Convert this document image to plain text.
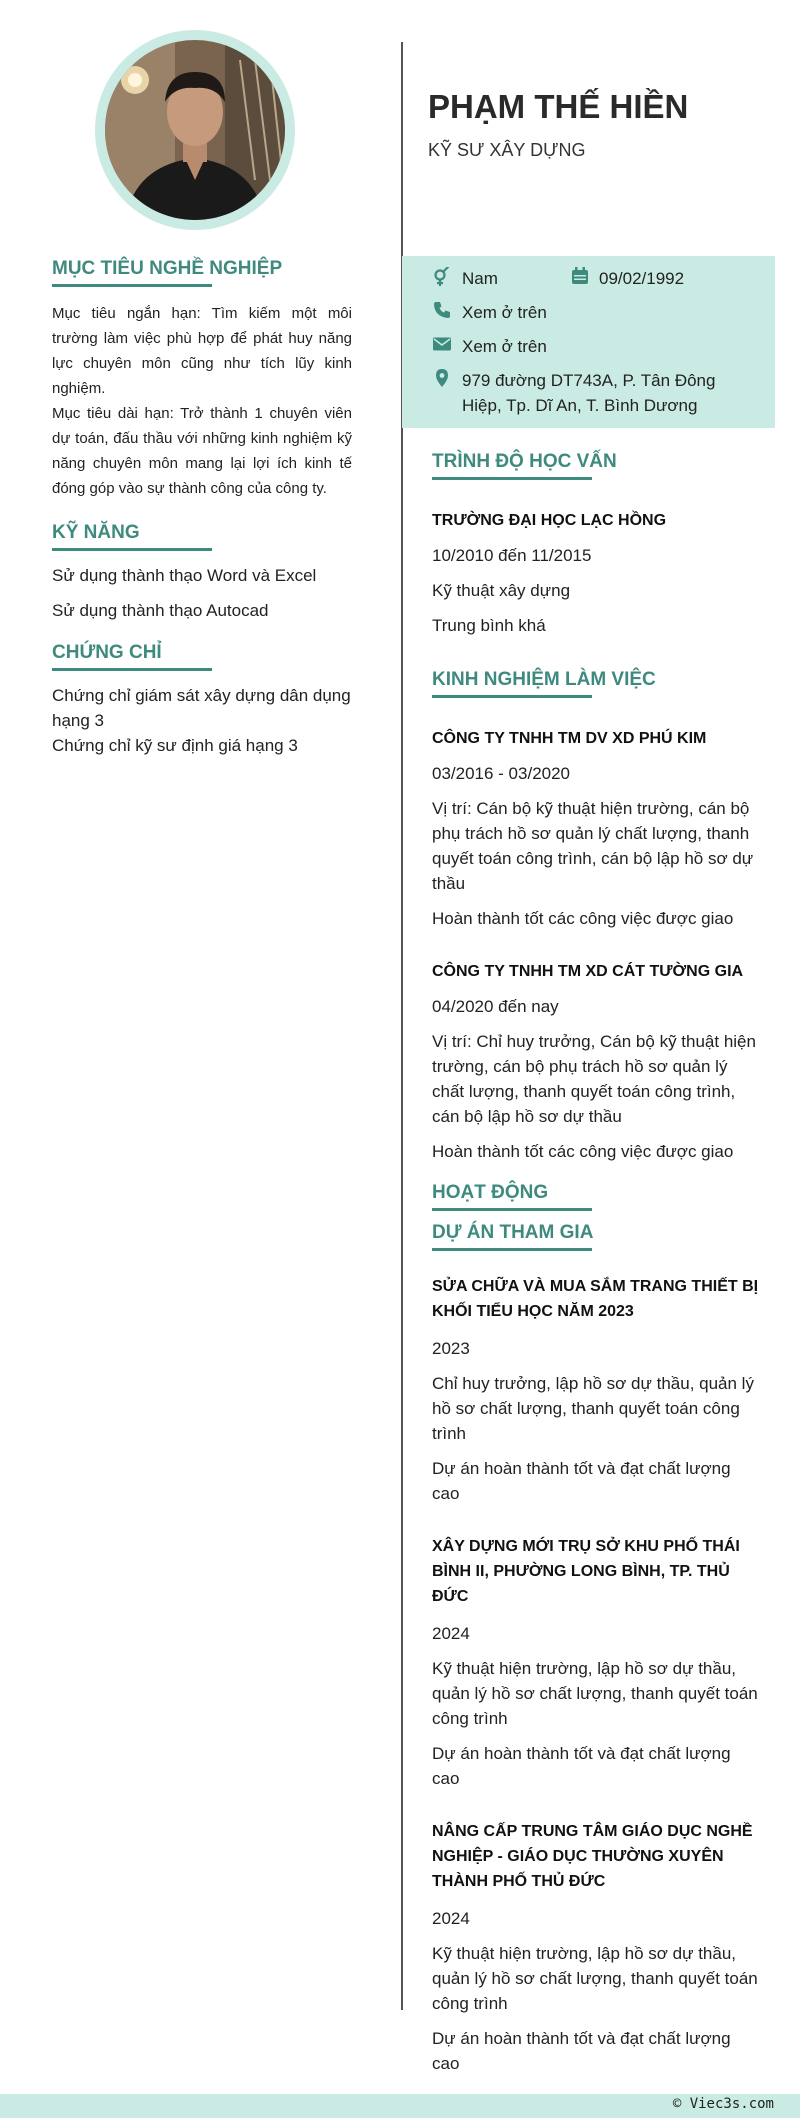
PHẠM THẾ HIỀN

KỸ SƯ XÂY DỰNG

Nam	09/02/1992
Xem ở trên
Xem ở trên
979 đường DT743A, P. Tân Đông
Hiệp, Tp. Dĩ An, T. Bình Dương
MỤC TIÊU NGHỀ NGHIỆP

Mục tiêu ngắn hạn: Tìm kiếm một môi trường làm việc phù hợp để phát huy năng lực chuyên môn cũng như tích lũy kinh nghiệm.

Mục tiêu dài hạn: Trở thành 1 chuyên viên dự toán, đấu thầu với những kinh nghiệm kỹ năng chuyên môn mang lại lợi ích kinh tế đóng góp vào sự thành công của công ty.

KỸ NĂNG

Sử dụng thành thạo Word và Excel

Sử dụng thành thạo Autocad

CHỨNG CHỈ

Chứng chỉ giám sát xây dựng dân dụng hạng 3

Chứng chỉ kỹ sư định giá hạng 3

TRÌNH ĐỘ HỌC VẤN

TRƯỜNG ĐẠI HỌC LẠC HỒNG

10/2010 đến 11/2015

Kỹ thuật xây dựng

Trung bình khá

KINH NGHIỆM LÀM VIỆC

CÔNG TY TNHH TM DV XD PHÚ KIM

03/2016 - 03/2020

Vị trí: Cán bộ kỹ thuật hiện trường, cán bộ phụ trách hồ sơ quản lý chất lượng, thanh quyết toán công trình, cán bộ lập hồ sơ dự thầu

Hoàn thành tốt các công việc được giao

CÔNG TY TNHH TM XD CÁT TƯỜNG GIA

04/2020 đến nay

Vị trí: Chỉ huy trưởng, Cán bộ kỹ thuật hiện trường, cán bộ phụ trách hồ sơ quản lý chất lượng, thanh quyết toán công trình, cán bộ lập hồ sơ dự thầu

Hoàn thành tốt các công việc được giao

HOẠT ĐỘNG
DỰ ÁN THAM GIA

SỬA CHỮA VÀ MUA SẮM TRANG THIẾT BỊ KHỐI TIỂU HỌC NĂM 2023

2023

Chỉ huy trưởng, lập hồ sơ dự thầu, quản lý hồ sơ chất lượng, thanh quyết toán công trình

Dự án hoàn thành tốt và đạt chất lượng cao

XÂY DỰNG MỚI TRỤ SỞ KHU PHỐ THÁI BÌNH II, PHƯỜNG LONG BÌNH, TP. THỦ ĐỨC

2024

Kỹ thuật hiện trường, lập hồ sơ dự thầu, quản lý hồ sơ chất lượng, thanh quyết toán công trình

Dự án hoàn thành tốt và đạt chất lượng cao

NÂNG CẤP TRUNG TÂM GIÁO DỤC NGHỀ NGHIỆP - GIÁO DỤC THƯỜNG XUYÊN THÀNH PHỐ THỦ ĐỨC

2024

Kỹ thuật hiện trường, lập hồ sơ dự thầu, quản lý hồ sơ chất lượng, thanh quyết toán công trình

Dự án hoàn thành tốt và đạt chất lượng cao

© Viec3s.com
